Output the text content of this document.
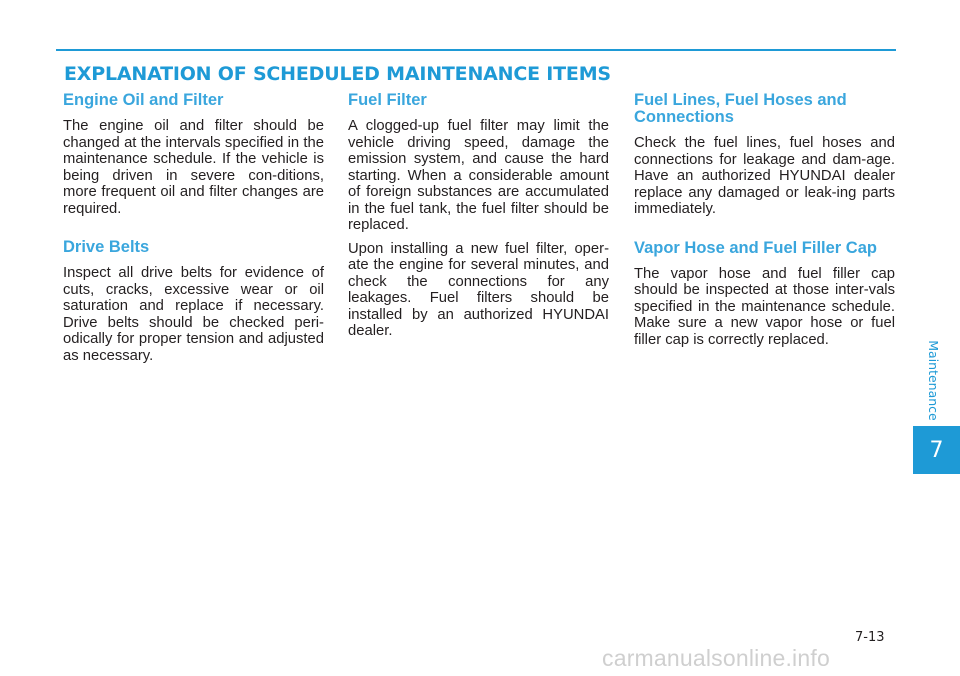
EXPLANATION OF SCHEDULED MAINTENANCE ITEMS
Engine Oil and Filter

The engine oil and filter should be changed at the intervals specified in the maintenance schedule. If the vehicle is being driven in severe con-ditions, more frequent oil and filter changes are required.

Drive Belts

Inspect all drive belts for evidence of cuts, cracks, excessive wear or oil saturation and replace if necessary. Drive belts should be checked peri-odically for proper tension and adjusted as necessary.

Fuel Filter

A clogged-up fuel filter may limit the vehicle driving speed, damage the emission system, and cause the hard starting. When a considerable amount of foreign substances are accumulated in the fuel tank, the fuel filter should be replaced.

Upon installing a new fuel filter, oper-ate the engine for several minutes, and check the connections for any leakages. Fuel filters should be installed by an authorized HYUNDAI dealer.

Fuel Lines, Fuel Hoses and Connections

Check the fuel lines, fuel hoses and connections for leakage and dam-age. Have an authorized HYUNDAI dealer replace any damaged or leak-ing parts immediately.

Vapor Hose and Fuel Filler Cap

The vapor hose and fuel filler cap should be inspected at those inter-vals specified in the maintenance schedule. Make sure a new vapor hose or fuel filler cap is correctly replaced.

Maintenance
7
7-13
carmanualsonline.info
